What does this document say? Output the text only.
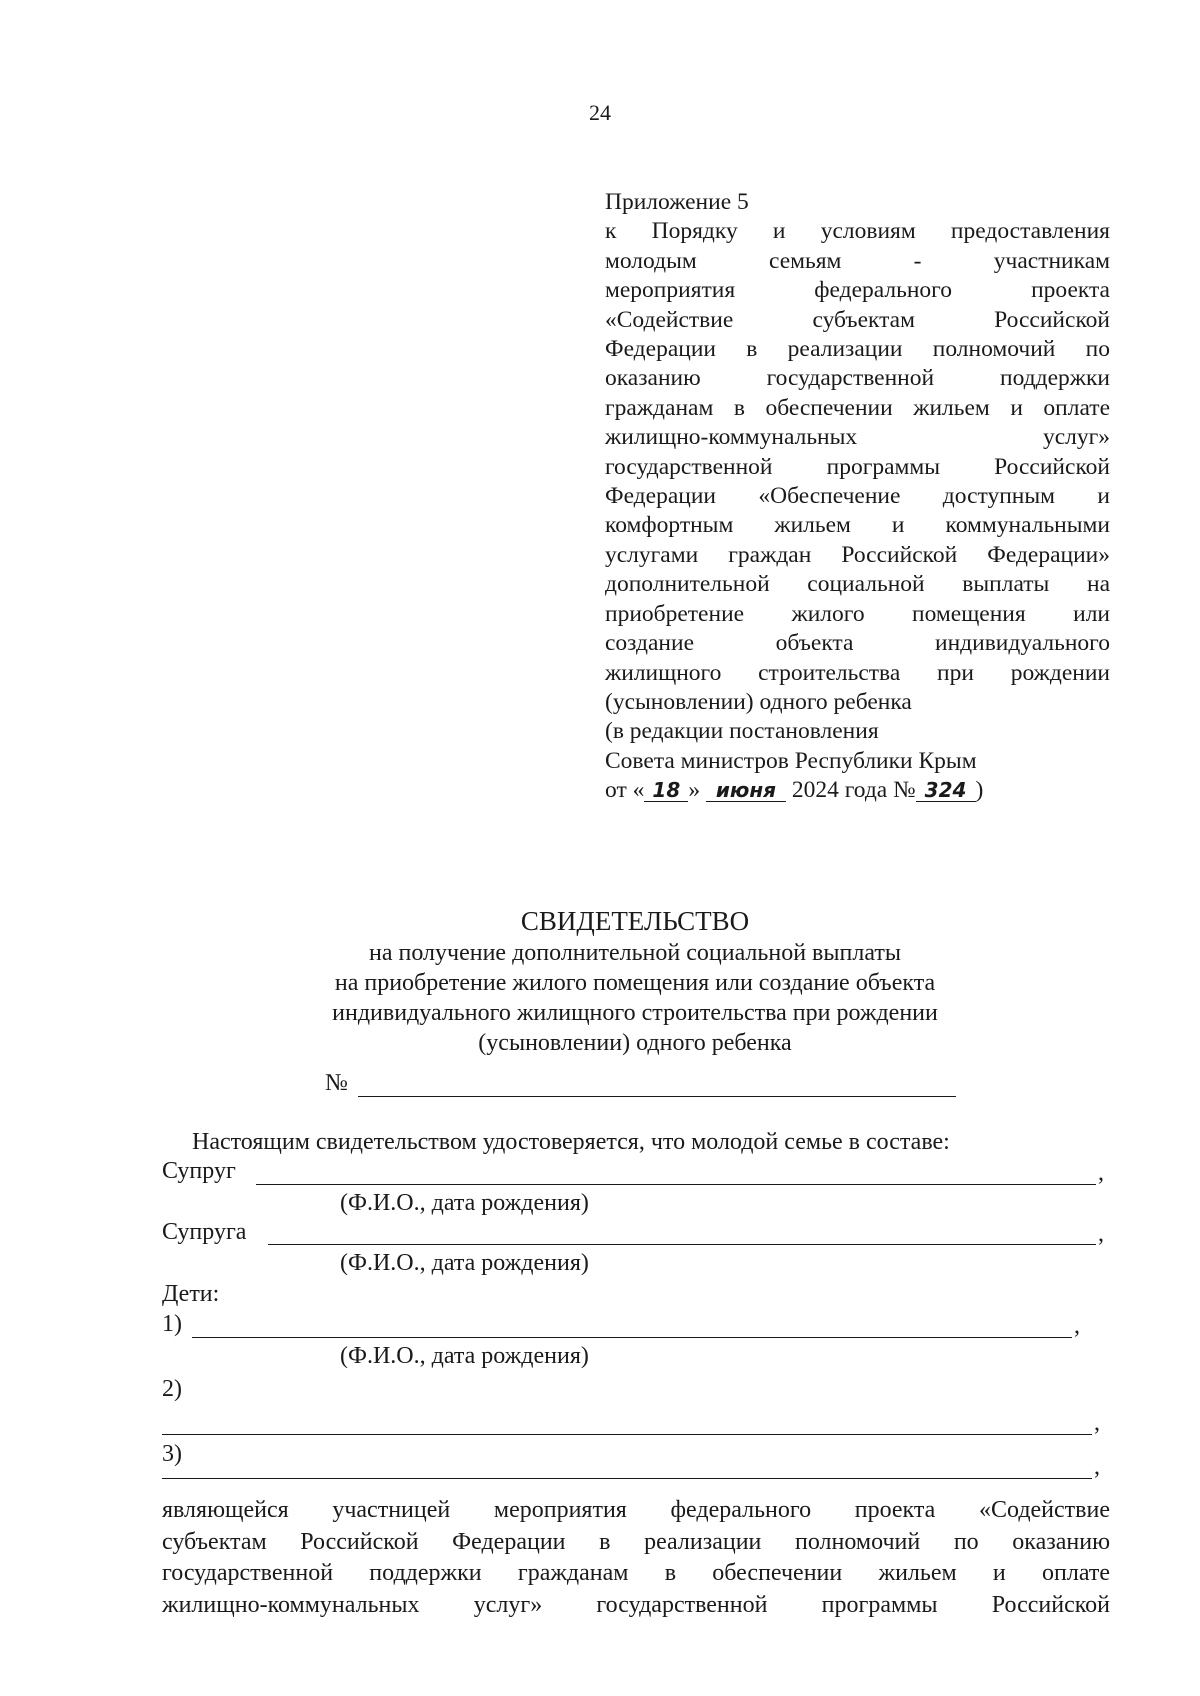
24
Приложение 5
к Порядку и условиям предоставления
молодым семьям - участникам
мероприятия федерального проекта
«Содействие субъектам Российской
Федерации в реализации полномочий по
оказанию государственной поддержки
гражданам в обеспечении жильем и оплате
жилищно-коммунальных услуг»
государственной программы Российской
Федерации «Обеспечение доступным и
комфортным жильем и коммунальными
услугами граждан Российской Федерации»
дополнительной социальной выплаты на
приобретение жилого помещения или
создание объекта индивидуального
жилищного строительства при рождении
(усыновлении) одного ребенка
(в редакции постановления
Совета министров Республики Крым
от « 18 » июня 2024 года № 324 )
СВИДЕТЕЛЬСТВО
на получение дополнительной социальной выплаты
на приобретение жилого помещения или создание объекта
индивидуального жилищного строительства при рождении
(усыновлении) одного ребенка
№
Настоящим свидетельством удостоверяется, что молодой семье в составе:
Супруг	,
(Ф.И.О., дата рождения)
Супруга	,
(Ф.И.О., дата рождения)
Дети:
1)	,
(Ф.И.О., дата рождения)
2)
,
3)	,
являющейся участницей мероприятия федерального проекта «Содействие
субъектам Российской Федерации в реализации полномочий по оказанию
государственной поддержки гражданам в обеспечении жильем и оплате
жилищно-коммунальных услуг» государственной программы Российской
